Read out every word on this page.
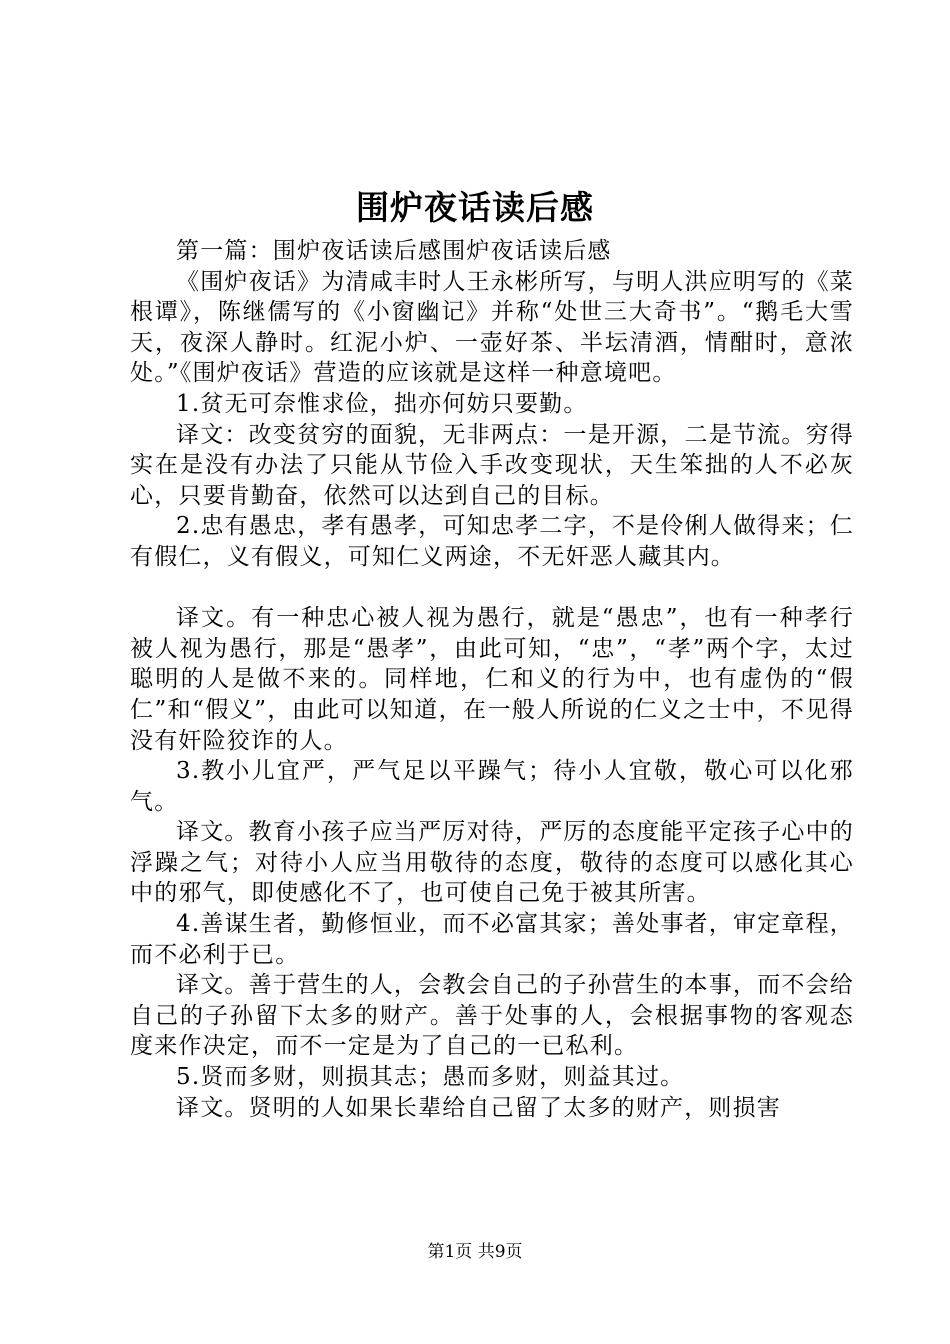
围炉夜话读后感

第一篇：围炉夜话读后感围炉夜话读后感

《围炉夜话》为清咸丰时人王永彬所写，与明人洪应明写的《菜根谭》，陈继儒写的《小窗幽记》并称“处世三大奇书”。“鹅毛大雪天，夜深人静时。红泥小炉、一壶好茶、半坛清酒，情酣时，意浓处。”《围炉夜话》营造的应该就是这样一种意境吧。

1.贫无可奈惟求俭，拙亦何妨只要勤。

译文：改变贫穷的面貌，无非两点：一是开源，二是节流。穷得实在是没有办法了只能从节俭入手改变现状，天生笨拙的人不必灰心，只要肯勤奋，依然可以达到自己的目标。

2.忠有愚忠，孝有愚孝，可知忠孝二字，不是伶俐人做得来；仁有假仁，义有假义，可知仁义两途，不无奸恶人藏其内。

译文。有一种忠心被人视为愚行，就是“愚忠”，也有一种孝行被人视为愚行，那是“愚孝”，由此可知，“忠”，“孝”两个字，太过聪明的人是做不来的。同样地，仁和义的行为中，也有虚伪的“假仁”和“假义”，由此可以知道，在一般人所说的仁义之士中，不见得没有奸险狡诈的人。

3.教小儿宜严，严气足以平躁气；待小人宜敬，敬心可以化邪气。

译文。教育小孩子应当严厉对待，严厉的态度能平定孩子心中的浮躁之气；对待小人应当用敬待的态度，敬待的态度可以感化其心中的邪气，即使感化不了，也可使自己免于被其所害。

4.善谋生者，勤修恒业，而不必富其家；善处事者，审定章程，而不必利于已。

译文。善于营生的人，会教会自己的子孙营生的本事，而不会给自己的子孙留下太多的财产。善于处事的人，会根据事物的客观态度来作决定，而不一定是为了自己的一已私利。

5.贤而多财，则损其志；愚而多财，则益其过。

译文。贤明的人如果长辈给自己留了太多的财产，则损害

第1页 共9页
